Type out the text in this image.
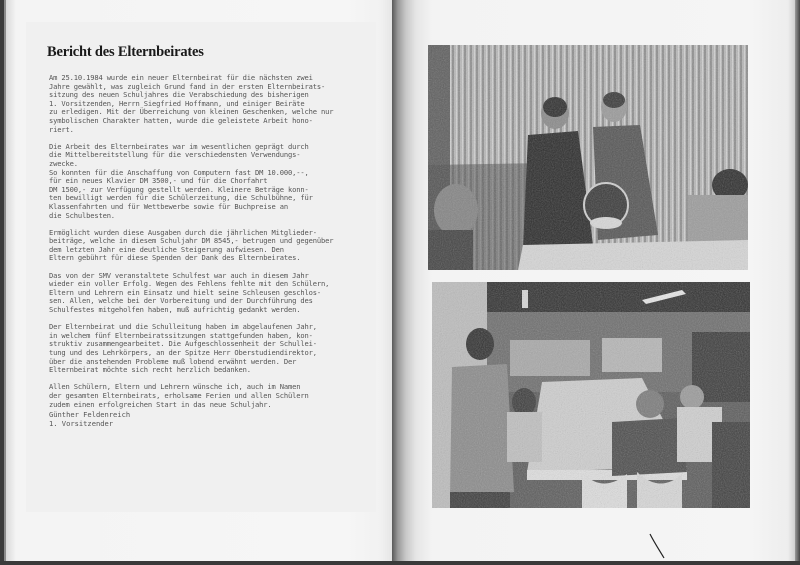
Bericht des Elternbeirates

Am 25.10.1984 wurde ein neuer Elternbeirat für die nächsten zwei
Jahre gewählt, was zugleich Grund fand in der ersten Elternbeirats-
sitzung des neuen Schuljahres die Verabschiedung des bisherigen
1. Vorsitzenden, Herrn Siegfried Hoffmann, und einiger Beiräte
zu erledigen. Mit der Überreichung von kleinen Geschenken, welche nur
symbolischen Charakter hatten, wurde die geleistete Arbeit hono-
riert.

Die Arbeit des Elternbeirates war im wesentlichen geprägt durch
die Mittelbereitstellung für die verschiedensten Verwendungs-
zwecke.
So konnten für die Anschaffung von Computern fast DM 10.000,--,
für ein neues Klavier DM 3500,- und für die Chorfahrt
DM 1500,- zur Verfügung gestellt werden. Kleinere Beträge konn-
ten bewilligt werden für die Schülerzeitung, die Schulbühne, für
Klassenfahrten und für Wettbewerbe sowie für Buchpreise an
die Schulbesten.

Ermöglicht wurden diese Ausgaben durch die jährlichen Mitglieder-
beiträge, welche in diesem Schuljahr DM 8545,- betrugen und gegenüber
dem letzten Jahr eine deutliche Steigerung aufwiesen. Den
Eltern gebührt für diese Spenden der Dank des Elternbeirates.

Das von der SMV veranstaltete Schulfest war auch in diesem Jahr
wieder ein voller Erfolg. Wegen des Fehlens fehlte mit den Schülern,
Eltern und Lehrern ein Einsatz und hielt seine Schleusen geschlos-
sen. Allen, welche bei der Vorbereitung und der Durchführung des
Schulfestes mitgeholfen haben, muß aufrichtig gedankt werden.

Der Elternbeirat und die Schulleitung haben im abgelaufenen Jahr,
in welchem fünf Elternbeiratssitzungen stattgefunden haben, kon-
struktiv zusammengearbeitet. Die Aufgeschlossenheit der Schullei-
tung und des Lehrkörpers, an der Spitze Herr Oberstudiendirektor,
über die anstehenden Probleme muß lobend erwähnt werden. Der
Elternbeirat möchte sich recht herzlich bedanken.

Allen Schülern, Eltern und Lehrern wünsche ich, auch im Namen
der gesamten Elternbeirats, erholsame Ferien und allen Schülern
zudem einen erfolgreichen Start in das neue Schuljahr.

Günther Feldenreich
1. Vorsitzender
